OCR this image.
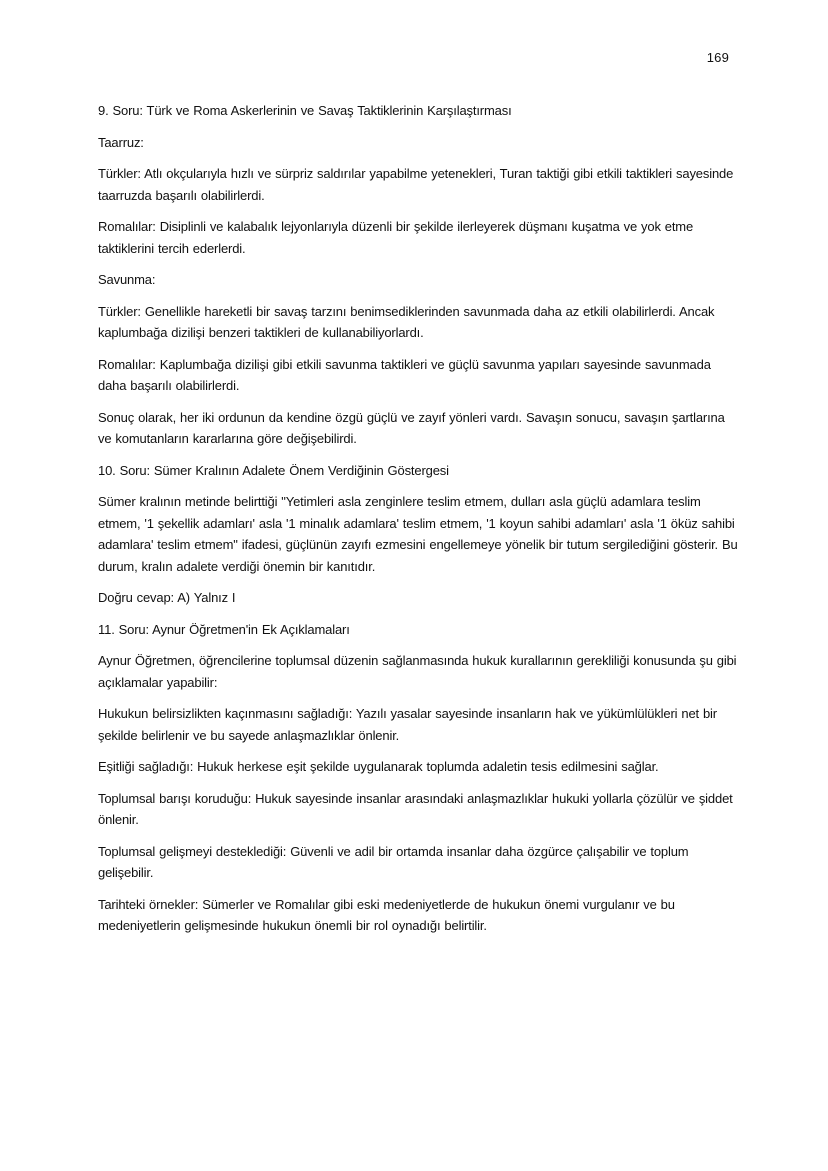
169

9. Soru: Türk ve Roma Askerlerinin ve Savaş Taktiklerinin Karşılaştırması

Taarruz:

Türkler: Atlı okçularıyla hızlı ve sürpriz saldırılar yapabilme yetenekleri, Turan taktiği gibi etkili taktikleri sayesinde taarruzda başarılı olabilirlerdi.

Romalılar: Disiplinli ve kalabalık lejyonlarıyla düzenli bir şekilde ilerleyerek düşmanı kuşatma ve yok etme taktiklerini tercih ederlerdi.

Savunma:

Türkler: Genellikle hareketli bir savaş tarzını benimsediklerinden savunmada daha az etkili olabilirlerdi. Ancak kaplumbağa dizilişi benzeri taktikleri de kullanabiliyorlardı.

Romalılar: Kaplumbağa dizilişi gibi etkili savunma taktikleri ve güçlü savunma yapıları sayesinde savunmada daha başarılı olabilirlerdi.

Sonuç olarak, her iki ordunun da kendine özgü güçlü ve zayıf yönleri vardı. Savaşın sonucu, savaşın şartlarına ve komutanların kararlarına göre değişebilirdi.

10. Soru: Sümer Kralının Adalete Önem Verdiğinin Göstergesi

Sümer kralının metinde belirttiği "Yetimleri asla zenginlere teslim etmem, dulları asla güçlü adamlara teslim etmem, '1 şekellik adamları' asla '1 minalık adamlara' teslim etmem, '1 koyun sahibi adamları' asla '1 öküz sahibi adamlara' teslim etmem" ifadesi, güçlünün zayıfı ezmesini engellemeye yönelik bir tutum sergilediğini gösterir. Bu durum, kralın adalete verdiği önemin bir kanıtıdır.

Doğru cevap: A) Yalnız I

11. Soru: Aynur Öğretmen'in Ek Açıklamaları

Aynur Öğretmen, öğrencilerine toplumsal düzenin sağlanmasında hukuk kurallarının gerekliliği konusunda şu gibi açıklamalar yapabilir:

Hukukun belirsizlikten kaçınmasını sağladığı: Yazılı yasalar sayesinde insanların hak ve yükümlülükleri net bir şekilde belirlenir ve bu sayede anlaşmazlıklar önlenir.

Eşitliği sağladığı: Hukuk herkese eşit şekilde uygulanarak toplumda adaletin tesis edilmesini sağlar.

Toplumsal barışı koruduğu: Hukuk sayesinde insanlar arasındaki anlaşmazlıklar hukuki yollarla çözülür ve şiddet önlenir.

Toplumsal gelişmeyi desteklediği: Güvenli ve adil bir ortamda insanlar daha özgürce çalışabilir ve toplum gelişebilir.

Tarihteki örnekler: Sümerler ve Romalılar gibi eski medeniyetlerde de hukukun önemi vurgulanır ve bu medeniyetlerin gelişmesinde hukukun önemli bir rol oynadığı belirtilir.
